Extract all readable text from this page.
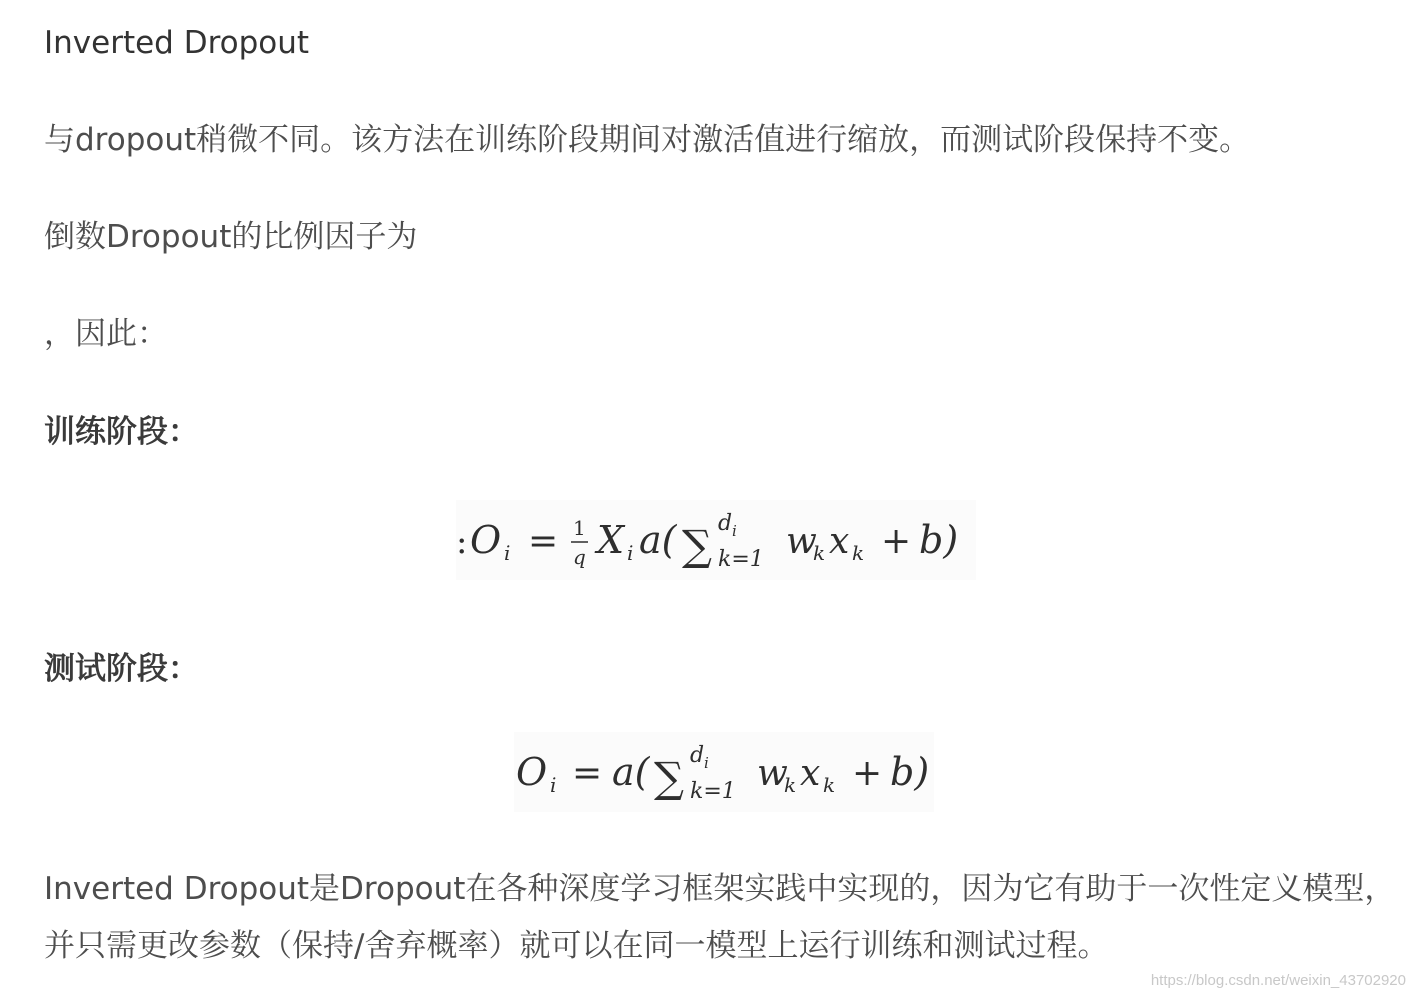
Inverted Dropout
与dropout稍微不同。该方法在训练阶段期间对激活值进行缩放，而测试阶段保持不变。
倒数Dropout的比例因子为
，因此：
训练阶段：
: O i = 1
q X i a( ∑ d i
k=1 w
k x k + b)
测试阶段：
O i = a( ∑ d i
k=1 w
k x k + b)
Inverted Dropout是Dropout在各种深度学习框架实践中实现的，因为它有助于一次性定义模型，
并只需更改参数（保持/舍弃概率）就可以在同一模型上运行训练和测试过程。
https://blog.csdn.net/weixin_43702920
